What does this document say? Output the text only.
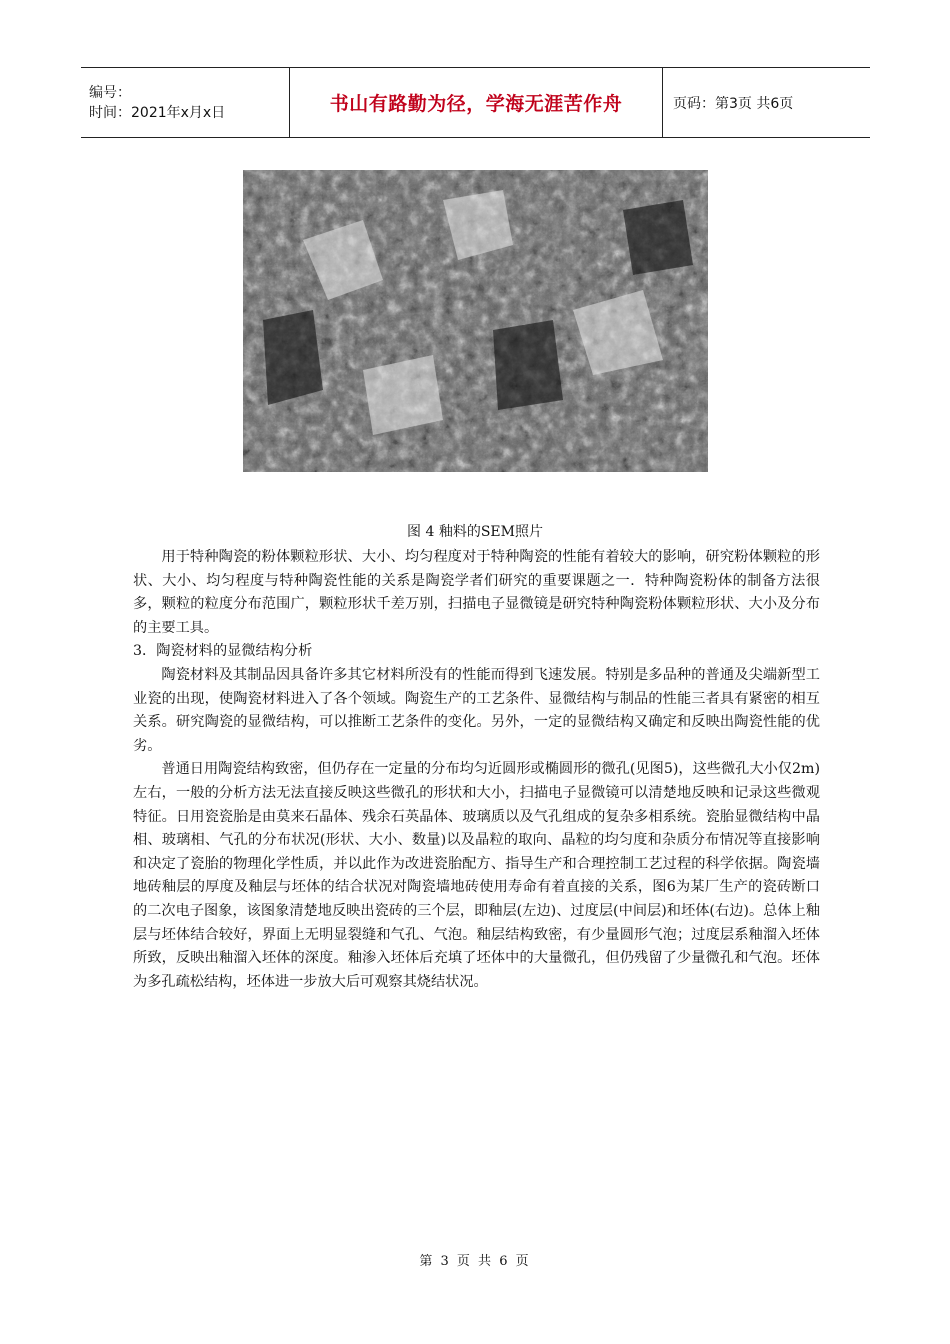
编号：
时间：2021年x月x日	书山有路勤为径，学海无涯苦作舟	页码：第3页 共6页
图 4 釉料的SEM照片

用于特种陶瓷的粉体颗粒形状、大小、均匀程度对于特种陶瓷的性能有着较大的影响，研究粉体颗粒的形状、大小、均匀程度与特种陶瓷性能的关系是陶瓷学者们研究的重要课题之一．特种陶瓷粉体的制备方法很多，颗粒的粒度分布范围广，颗粒形状千差万别，扫描电子显微镜是研究特种陶瓷粉体颗粒形状、大小及分布的主要工具。

3．陶瓷材料的显微结构分析

陶瓷材料及其制品因具备许多其它材料所没有的性能而得到飞速发展。特别是多品种的普通及尖端新型工业瓷的出现，使陶瓷材料进入了各个领域。陶瓷生产的工艺条件、显微结构与制品的性能三者具有紧密的相互关系。研究陶瓷的显微结构，可以推断工艺条件的变化。另外，一定的显微结构又确定和反映出陶瓷性能的优劣。

普通日用陶瓷结构致密，但仍存在一定量的分布均匀近圆形或椭圆形的微孔(见图5)，这些微孔大小仅2m)左右，一般的分析方法无法直接反映这些微孔的形状和大小，扫描电子显微镜可以清楚地反映和记录这些微观特征。日用瓷瓷胎是由莫来石晶体、残余石英晶体、玻璃质以及气孔组成的复杂多相系统。瓷胎显微结构中晶相、玻璃相、气孔的分布状况(形状、大小、数量)以及晶粒的取向、晶粒的均匀度和杂质分布情况等直接影响和决定了瓷胎的物理化学性质，并以此作为改进瓷胎配方、指导生产和合理控制工艺过程的科学依据。陶瓷墙地砖釉层的厚度及釉层与坯体的结合状况对陶瓷墙地砖使用寿命有着直接的关系，图6为某厂生产的瓷砖断口的二次电子图象，该图象清楚地反映出瓷砖的三个层，即釉层(左边)、过度层(中间层)和坯体(右边)。总体上釉层与坯体结合较好，界面上无明显裂缝和气孔、气泡。釉层结构致密，有少量圆形气泡；过度层系釉溜入坯体所致，反映出釉溜入坯体的深度。釉渗入坯体后充填了坯体中的大量微孔，但仍残留了少量微孔和气泡。坯体为多孔疏松结构，坯体进一步放大后可观察其烧结状况。

第 3 页 共 6 页
